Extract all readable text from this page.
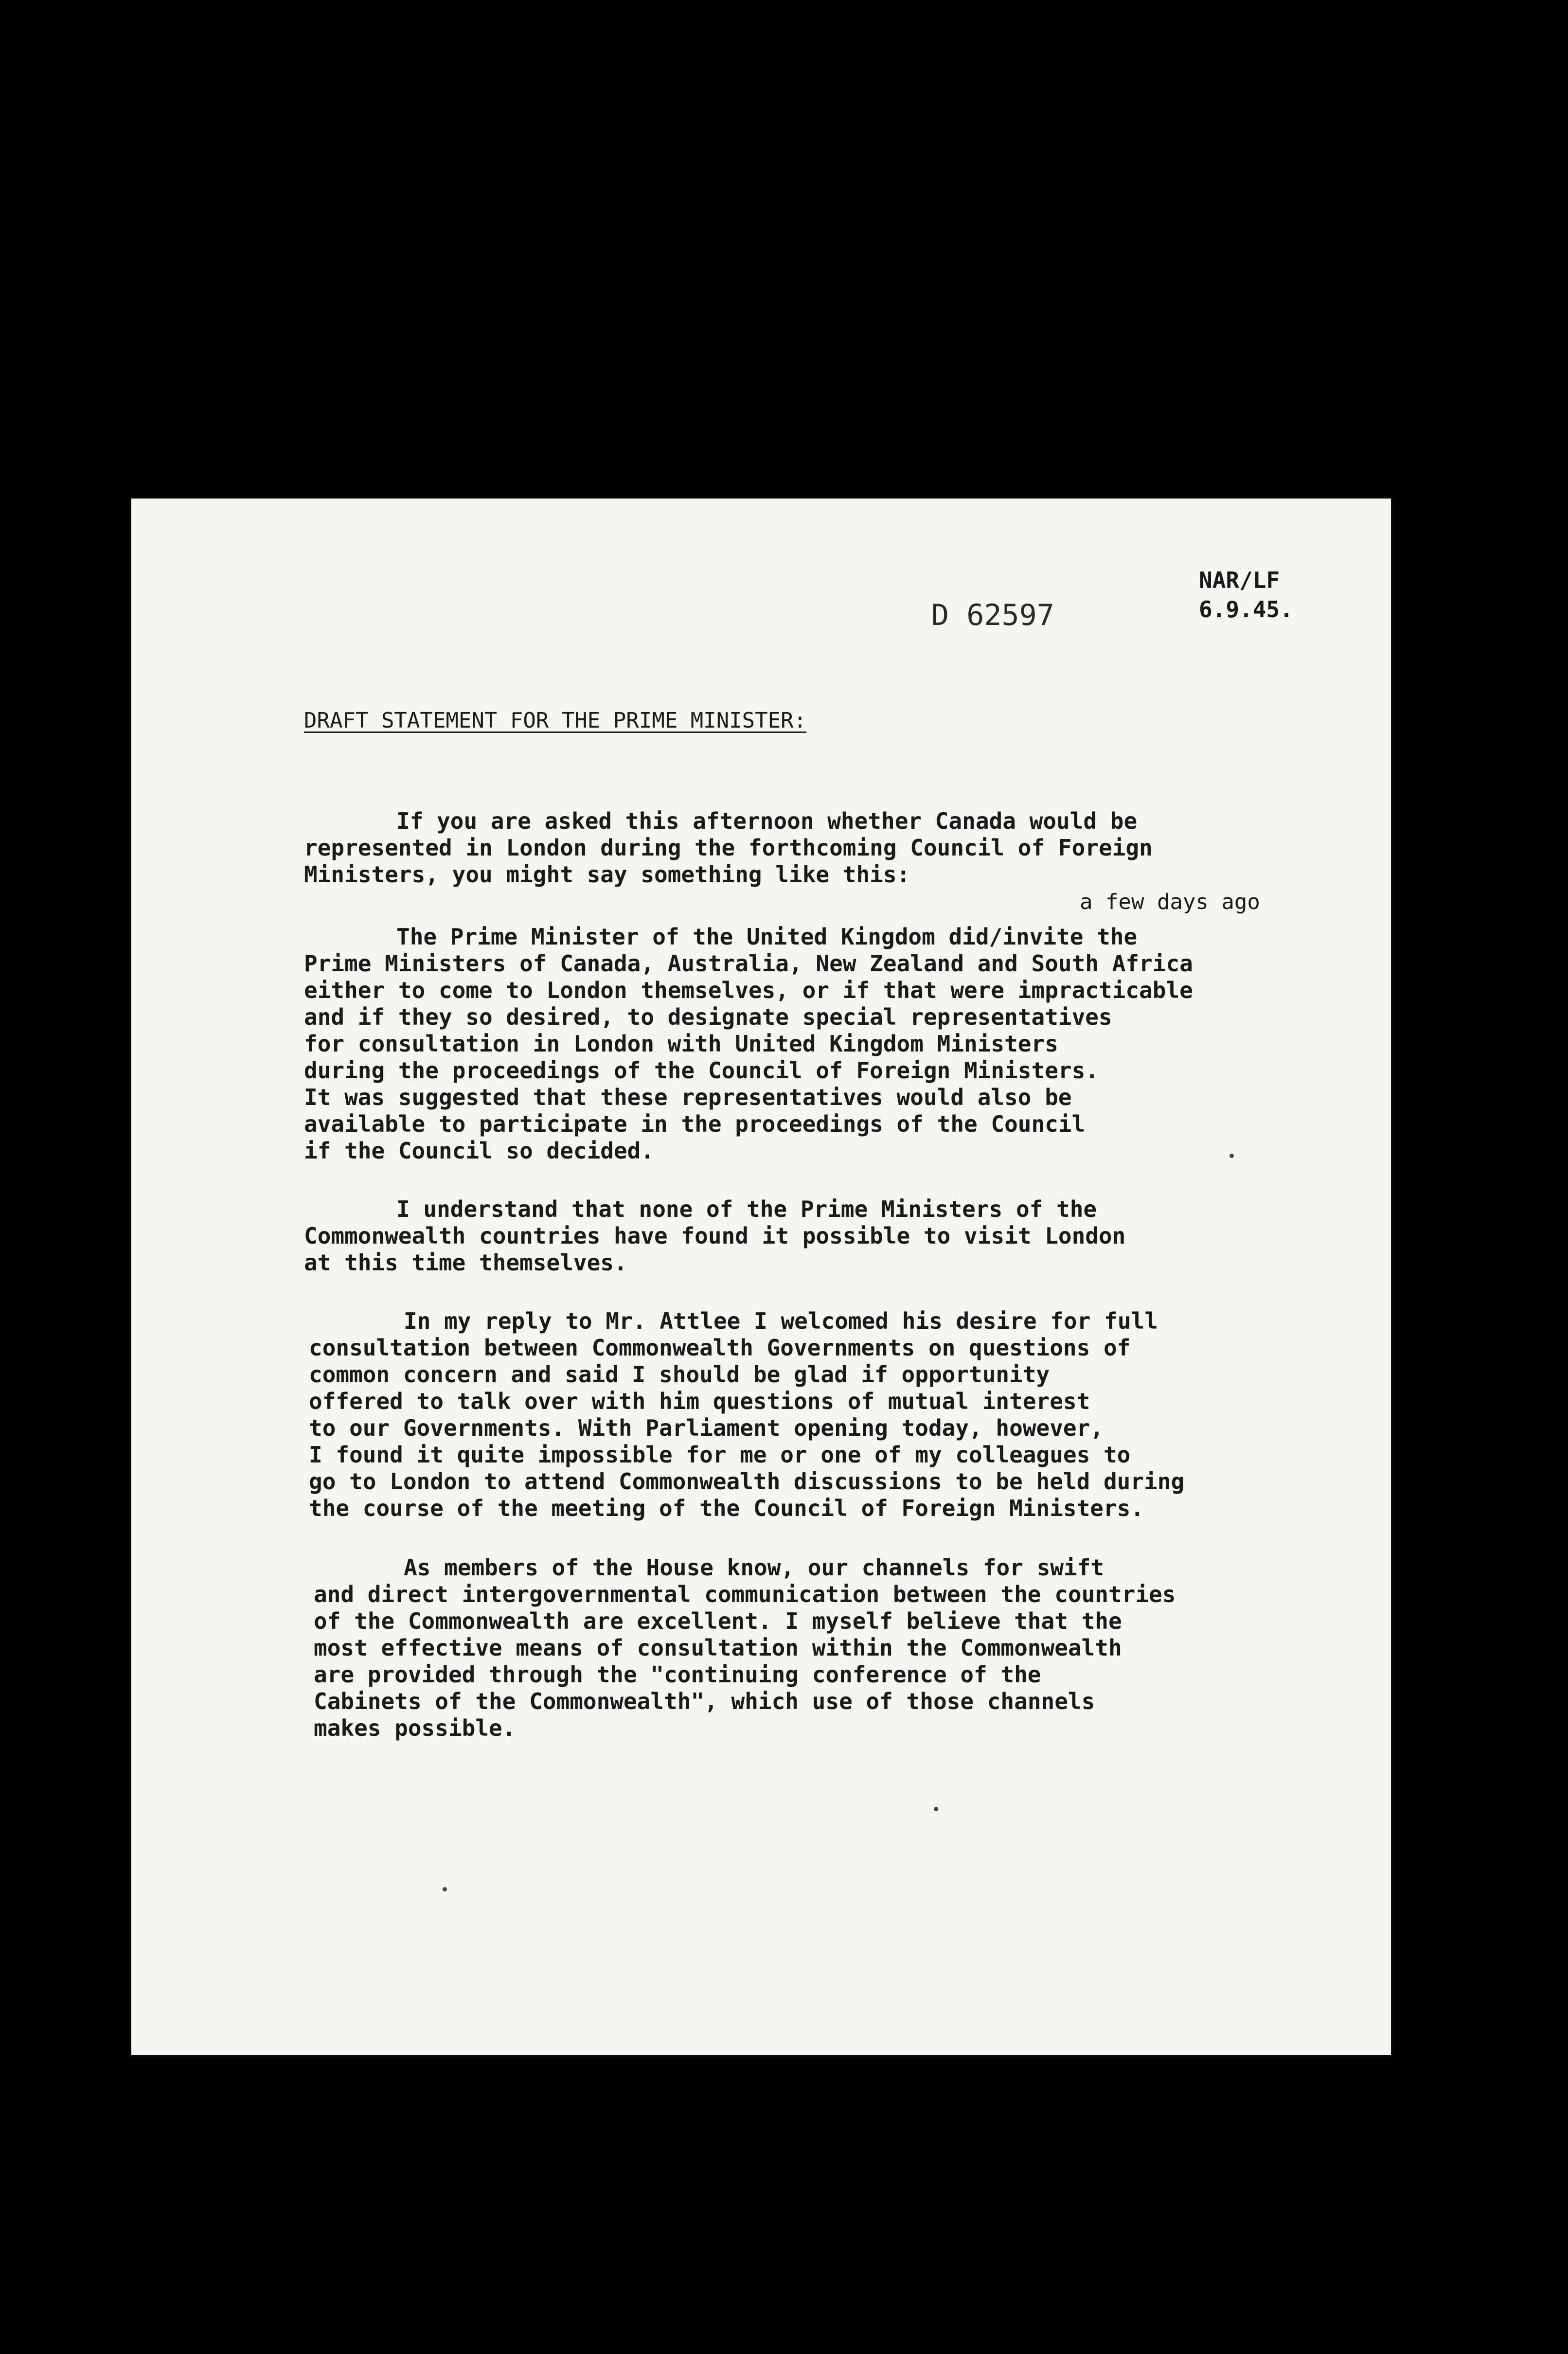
NAR/LF
6.9.45.
D 62597
DRAFT STATEMENT FOR THE PRIME MINISTER:
If you are asked this afternoon whether Canada would be
represented in London during the forthcoming Council of Foreign
Ministers, you might say something like this:
a few days ago
The Prime Minister of the United Kingdom did/invite the
Prime Ministers of Canada, Australia, New Zealand and South Africa
either to come to London themselves, or if that were impracticable
and if they so desired, to designate special representatives
for consultation in London with United Kingdom Ministers
during the proceedings of the Council of Foreign Ministers.
It was suggested that these representatives would also be
available to participate in the proceedings of the Council
if the Council so decided.
I understand that none of the Prime Ministers of the
Commonwealth countries have found it possible to visit London
at this time themselves.
In my reply to Mr. Attlee I welcomed his desire for full
consultation between Commonwealth Governments on questions of
common concern and said I should be glad if opportunity
offered to talk over with him questions of mutual interest
to our Governments. With Parliament opening today, however,
I found it quite impossible for me or one of my colleagues to
go to London to attend Commonwealth discussions to be held during
the course of the meeting of the Council of Foreign Ministers.
As members of the House know, our channels for swift
and direct intergovernmental communication between the countries
of the Commonwealth are excellent. I myself believe that the
most effective means of consultation within the Commonwealth
are provided through the "continuing conference of the
Cabinets of the Commonwealth", which use of those channels
makes possible.
